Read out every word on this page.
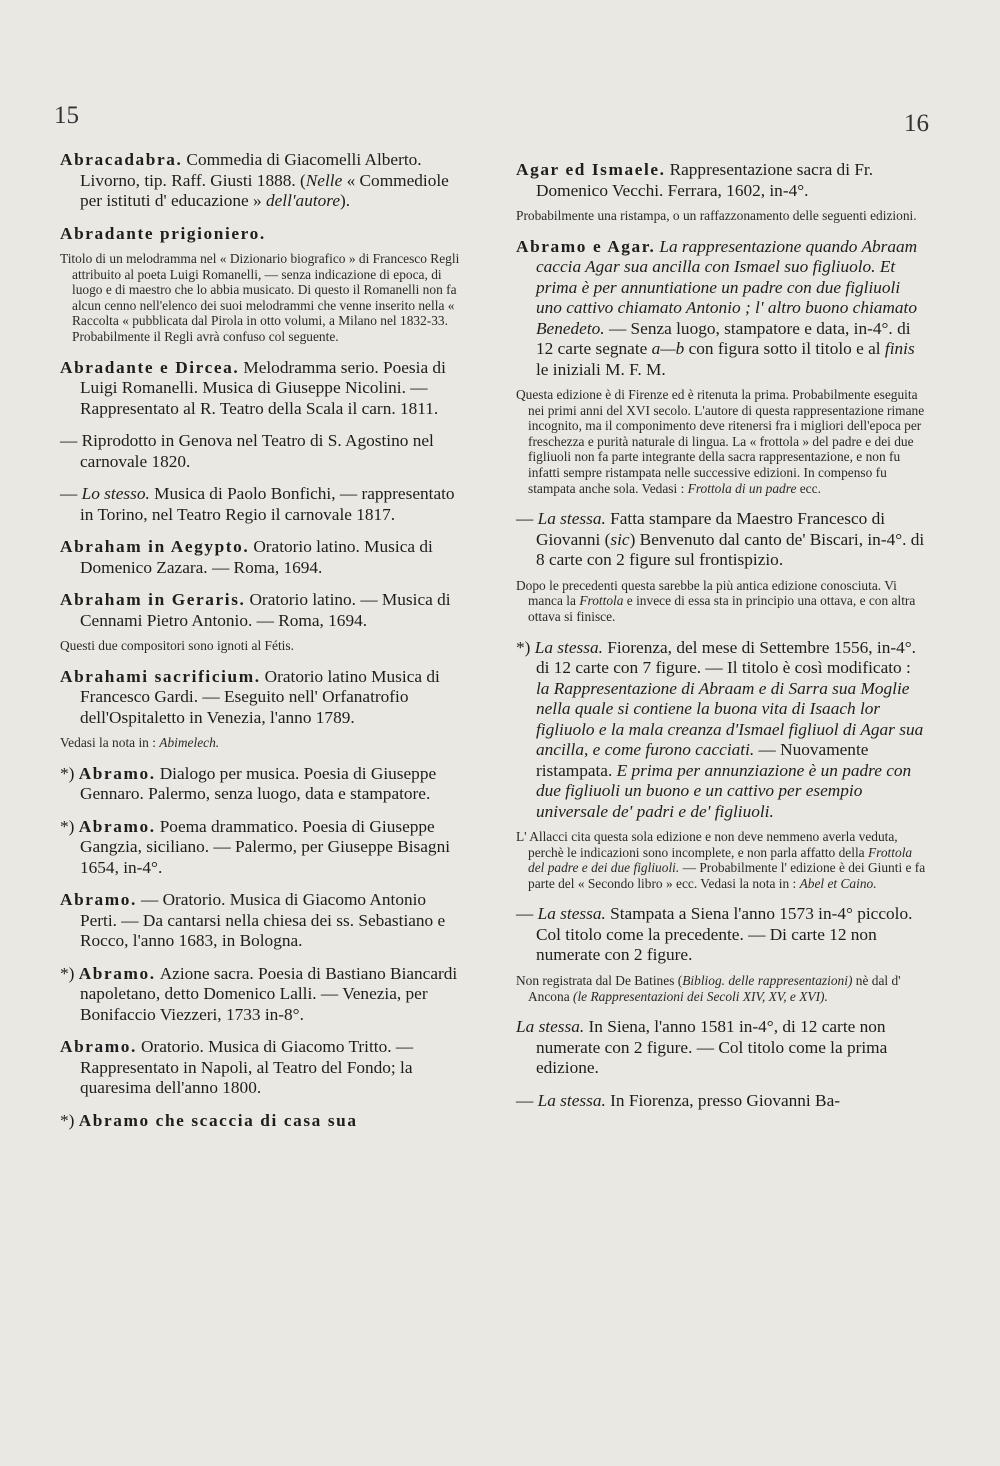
15	16
Abracadabra. Commedia di Giacomelli Alberto. Livorno, tip. Raff. Giusti 1888. (Nelle « Commediole per istituti d' educazione » dell'autore).
Abradante prigioniero.
Titolo di un melodramma nel « Dizionario biografico » di Francesco Regli attribuito al poeta Luigi Romanelli, — senza indicazione di epoca, di luogo e di maestro che lo abbia musicato. Di questo il Romanelli non fa alcun cenno nell'elenco dei suoi melodrammi che venne inserito nella « Raccolta « pubblicata dal Pirola in otto volumi, a Milano nel 1832-33. Probabilmente il Regli avrà confuso col seguente.
Abradante e Dircea. Melodramma serio. Poesia di Luigi Romanelli. Musica di Giuseppe Nicolini. — Rappresentato al R. Teatro della Scala il carn. 1811.
— Riprodotto in Genova nel Teatro di S. Agostino nel carnovale 1820.
— Lo stesso. Musica di Paolo Bonfichi, — rappresentato in Torino, nel Teatro Regio il carnovale 1817.
Abraham in Aegypto. Oratorio latino. Musica di Domenico Zazara. — Roma, 1694.
Abraham in Geraris. Oratorio latino. — Musica di Cennami Pietro Antonio. — Roma, 1694.
Questi due compositori sono ignoti al Fétis.
Abrahami sacrificium. Oratorio latino Musica di Francesco Gardi. — Eseguito nell' Orfanatrofio dell'Ospitaletto in Venezia, l'anno 1789.
Vedasi la nota in : Abimelech.
*) Abramo. Dialogo per musica. Poesia di Giuseppe Gennaro. Palermo, senza luogo, data e stampatore.
*) Abramo. Poema drammatico. Poesia di Giuseppe Gangzia, siciliano. — Palermo, per Giuseppe Bisagni 1654, in-4°.
Abramo. — Oratorio. Musica di Giacomo Antonio Perti. — Da cantarsi nella chiesa dei ss. Sebastiano e Rocco, l'anno 1683, in Bologna.
*) Abramo. Azione sacra. Poesia di Bastiano Biancardi napoletano, detto Domenico Lalli. — Venezia, per Bonifaccio Viezzeri, 1733 in-8°.
Abramo. Oratorio. Musica di Giacomo Tritto. — Rappresentato in Napoli, al Teatro del Fondo; la quaresima dell'anno 1800.
*) Abramo che scaccia di casa sua
Agar ed Ismaele. Rappresentazione sacra di Fr. Domenico Vecchi. Ferrara, 1602, in-4°.
Probabilmente una ristampa, o un raffazzonamento delle seguenti edizioni.
Abramo e Agar. La rappresentazione quando Abraam caccia Agar sua ancilla con Ismael suo figliuolo. Et prima è per annuntiatione un padre con due figliuoli uno cattivo chiamato Antonio ; l' altro buono chiamato Benedeto. — Senza luogo, stampatore e data, in-4°. di 12 carte segnate a—b con figura sotto il titolo e al finis le iniziali M. F. M.
Questa edizione è di Firenze ed è ritenuta la prima. Probabilmente eseguita nei primi anni del XVI secolo. L'autore di questa rappresentazione rimane incognito, ma il componimento deve ritenersi fra i migliori dell'epoca per freschezza e purità naturale di lingua. La « frottola » del padre e dei due figliuoli non fa parte integrante della sacra rappresentazione, e non fu infatti sempre ristampata nelle successive edizioni. In compenso fu stampata anche sola. Vedasi : Frottola di un padre ecc.
— La stessa. Fatta stampare da Maestro Francesco di Giovanni (sic) Benvenuto dal canto de' Biscari, in-4°. di 8 carte con 2 figure sul frontispizio.
Dopo le precedenti questa sarebbe la più antica edizione conosciuta. Vi manca la Frottola e invece di essa sta in principio una ottava, e con altra ottava si finisce.
*) La stessa. Fiorenza, del mese di Settembre 1556, in-4°. di 12 carte con 7 figure. — Il titolo è così modificato : la Rappresentazione di Abraam e di Sarra sua Moglie nella quale si contiene la buona vita di Isaach lor figliuolo e la mala creanza d'Ismael figliuol di Agar sua ancilla, e come furono cacciati. — Nuovamente ristampata. E prima per annunziazione è un padre con due figliuoli un buono e un cattivo per esempio universale de' padri e de' figliuoli.
L' Allacci cita questa sola edizione e non deve nemmeno averla veduta, perchè le indicazioni sono incomplete, e non parla affatto della Frottola del padre e dei due figliuoli. — Probabilmente l' edizione è dei Giunti e fa parte del « Secondo libro » ecc. Vedasi la nota in : Abel et Caino.
— La stessa. Stampata a Siena l'anno 1573 in-4° piccolo. Col titolo come la precedente. — Di carte 12 non numerate con 2 figure.
Non registrata dal De Batines (Bibliog. delle rappresentazioni) nè dal d' Ancona (le Rappresentazioni dei Secoli XIV, XV, e XVI).
La stessa. In Siena, l'anno 1581 in-4°, di 12 carte non numerate con 2 figure. — Col titolo come la prima edizione.
— La stessa. In Fiorenza, presso Giovanni Ba-
